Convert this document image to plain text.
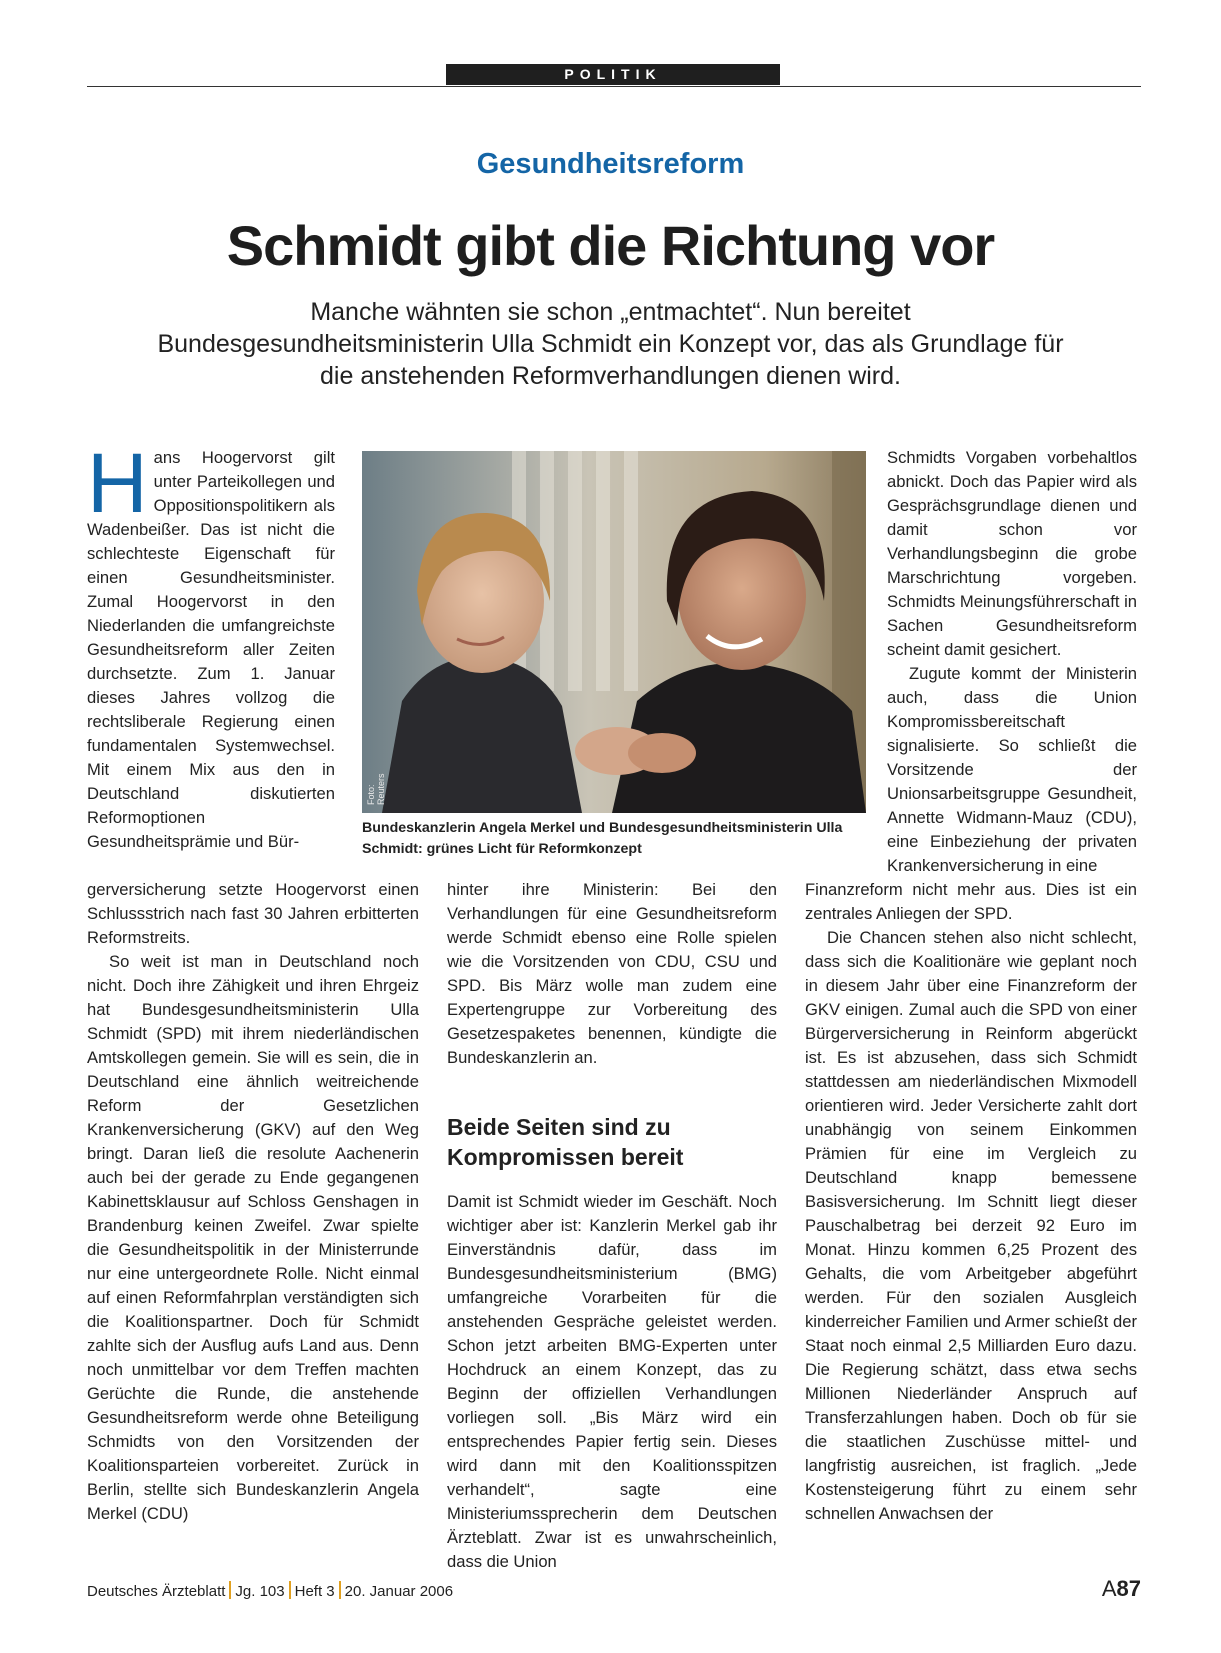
POLITIK
Gesundheitsreform
Schmidt gibt die Richtung vor
Manche wähnten sie schon „entmachtet“. Nun bereitet Bundesgesundheitsministerin Ulla Schmidt ein Konzept vor, das als Grundlage für die anstehenden Reformverhandlungen dienen wird.
H ans Hoogervorst gilt unter Parteikollegen und Oppositionspolitikern als Wadenbeißer. Das ist nicht die schlechteste Eigenschaft für einen Gesundheitsminister. Zumal Hoogervorst in den Niederlanden die umfangreichste Gesundheitsreform aller Zeiten durchsetzte. Zum 1. Januar dieses Jahres vollzog die rechtsliberale Regierung einen fundamentalen Systemwechsel. Mit einem Mix aus den in Deutschland diskutierten Reformoptionen Gesundheitsprämie und Bür-

gerversicherung setzte Hoogervorst einen Schlussstrich nach fast 30 Jahren erbitterten Reformstreits.

So weit ist man in Deutschland noch nicht. Doch ihre Zähigkeit und ihren Ehrgeiz hat Bundesgesundheitsministerin Ulla Schmidt (SPD) mit ihrem niederländischen Amtskollegen gemein. Sie will es sein, die in Deutschland eine ähnlich weitreichende Reform der Gesetzlichen Krankenversicherung (GKV) auf den Weg bringt. Daran ließ die resolute Aachenerin auch bei der gerade zu Ende gegangenen Kabinettsklausur auf Schloss Genshagen in Brandenburg keinen Zweifel. Zwar spielte die Gesundheitspolitik in der Ministerrunde nur eine untergeordnete Rolle. Nicht einmal auf einen Reformfahrplan verständigten sich die Koalitionspartner. Doch für Schmidt zahlte sich der Ausflug aufs Land aus. Denn noch unmittelbar vor dem Treffen machten Gerüchte die Runde, die anstehende Gesundheitsreform werde ohne Beteiligung Schmidts von den Vorsitzenden der Koalitionsparteien vorbereitet. Zurück in Berlin, stellte sich Bundeskanzlerin Angela Merkel (CDU)

Foto: Reuters
Bundeskanzlerin Angela Merkel und Bundesgesundheitsministerin Ulla Schmidt: grünes Licht für Reformkonzept

hinter ihre Ministerin: Bei den Verhandlungen für eine Gesundheitsreform werde Schmidt ebenso eine Rolle spielen wie die Vorsitzenden von CDU, CSU und SPD. Bis März wolle man zudem eine Expertengruppe zur Vorbereitung des Gesetzespaketes benennen, kündigte die Bundeskanzlerin an.

Beide Seiten sind zu Kompromissen bereit

Damit ist Schmidt wieder im Geschäft. Noch wichtiger aber ist: Kanzlerin Merkel gab ihr Einverständnis dafür, dass im Bundesgesundheitsministerium (BMG) umfangreiche Vorarbeiten für die anstehenden Gespräche geleistet werden. Schon jetzt arbeiten BMG-Experten unter Hochdruck an einem Konzept, das zu Beginn der offiziellen Verhandlungen vorliegen soll. „Bis März wird ein entsprechendes Papier fertig sein. Dieses wird dann mit den Koalitionsspitzen verhandelt“, sagte eine Ministeriumssprecherin dem Deutschen Ärzteblatt. Zwar ist es unwahrscheinlich, dass die Union

Schmidts Vorgaben vorbehaltlos abnickt. Doch das Papier wird als Gesprächsgrundlage dienen und damit schon vor Verhandlungsbeginn die grobe Marschrichtung vorgeben. Schmidts Meinungsführerschaft in Sachen Gesundheitsreform scheint damit gesichert.

Zugute kommt der Ministerin auch, dass die Union Kompromissbereitschaft signalisierte. So schließt die Vorsitzende der Unionsarbeitsgruppe Gesundheit, Annette Widmann-Mauz (CDU), eine Einbeziehung der privaten Krankenversicherung in eine

Finanzreform nicht mehr aus. Dies ist ein zentrales Anliegen der SPD.

Die Chancen stehen also nicht schlecht, dass sich die Koalitionäre wie geplant noch in diesem Jahr über eine Finanzreform der GKV einigen. Zumal auch die SPD von einer Bürgerversicherung in Reinform abgerückt ist. Es ist abzusehen, dass sich Schmidt stattdessen am niederländischen Mixmodell orientieren wird. Jeder Versicherte zahlt dort unabhängig von seinem Einkommen Prämien für eine im Vergleich zu Deutschland knapp bemessene Basisversicherung. Im Schnitt liegt dieser Pauschalbetrag bei derzeit 92 Euro im Monat. Hinzu kommen 6,25 Prozent des Gehalts, die vom Arbeitgeber abgeführt werden. Für den sozialen Ausgleich kinderreicher Familien und Armer schießt der Staat noch einmal 2,5 Milliarden Euro dazu. Die Regierung schätzt, dass etwa sechs Millionen Niederländer Anspruch auf Transferzahlungen haben. Doch ob für sie die staatlichen Zuschüsse mittel- und langfristig ausreichen, ist fraglich. „Jede Kostensteigerung führt zu einem sehr schnellen Anwachsen der

Deutsches Ärzteblatt Jg. 103 Heft 3 20. Januar 2006	A87
